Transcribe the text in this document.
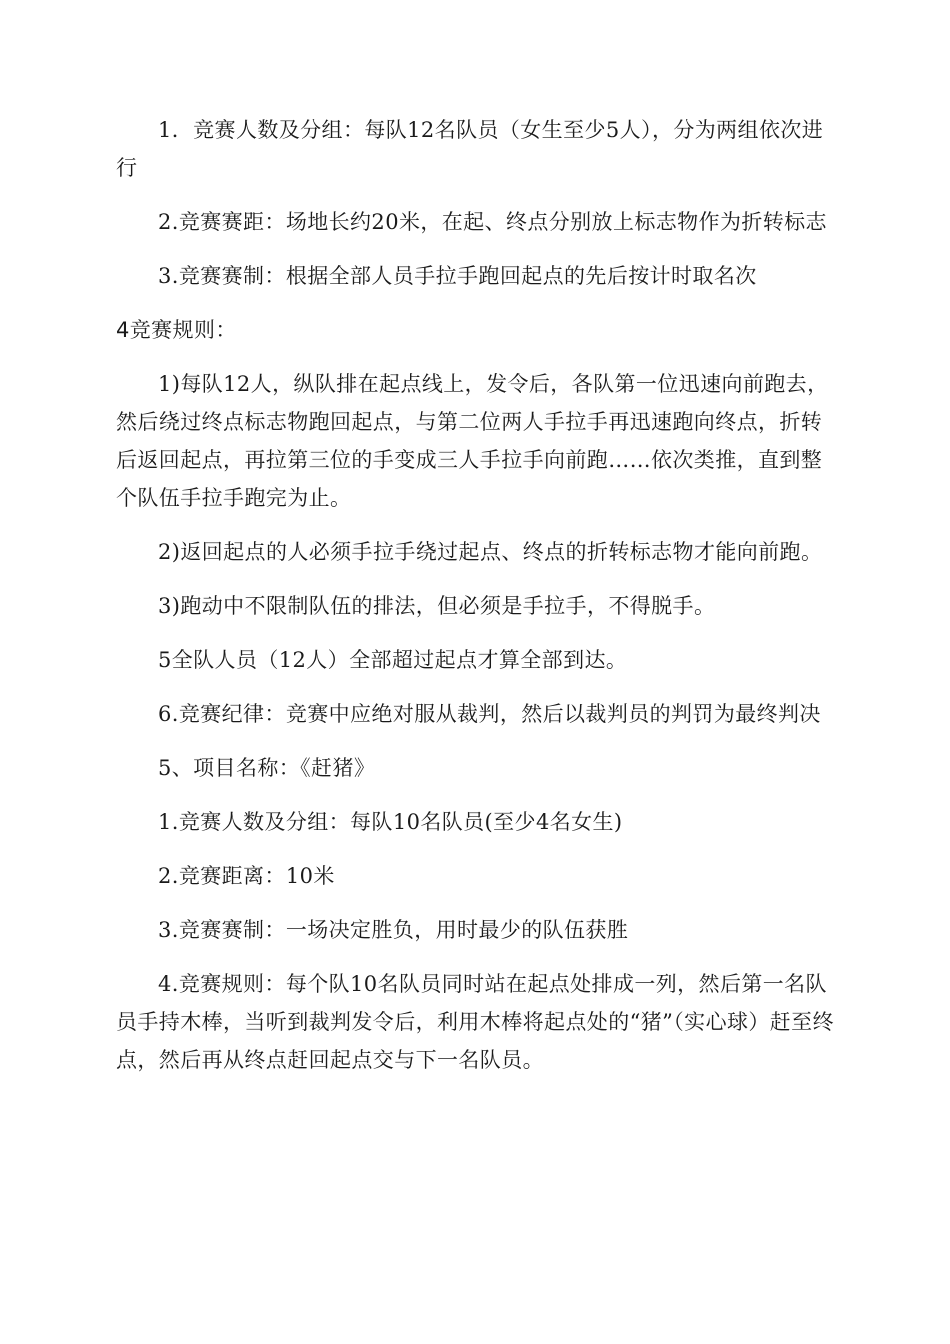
1．竞赛人数及分组：每队12名队员（女生至少5人），分为两组依次进行

2.竞赛赛距：场地长约20米，在起、终点分别放上标志物作为折转标志

3.竞赛赛制：根据全部人员手拉手跑回起点的先后按计时取名次

4竞赛规则：

1)每队12人，纵队排在起点线上，发令后，各队第一位迅速向前跑去，然后绕过终点标志物跑回起点，与第二位两人手拉手再迅速跑向终点，折转后返回起点，再拉第三位的手变成三人手拉手向前跑……依次类推，直到整个队伍手拉手跑完为止。

2)返回起点的人必须手拉手绕过起点、终点的折转标志物才能向前跑。

3)跑动中不限制队伍的排法，但必须是手拉手，不得脱手。

5全队人员（12人）全部超过起点才算全部到达。

6.竞赛纪律：竞赛中应绝对服从裁判，然后以裁判员的判罚为最终判决

5、项目名称：《赶猪》

1.竞赛人数及分组：每队10名队员(至少4名女生)

2.竞赛距离：10米

3.竞赛赛制：一场决定胜负，用时最少的队伍获胜

4.竞赛规则：每个队10名队员同时站在起点处排成一列，然后第一名队员手持木棒，当听到裁判发令后，利用木棒将起点处的“猪”（实心球）赶至终点，然后再从终点赶回起点交与下一名队员。
